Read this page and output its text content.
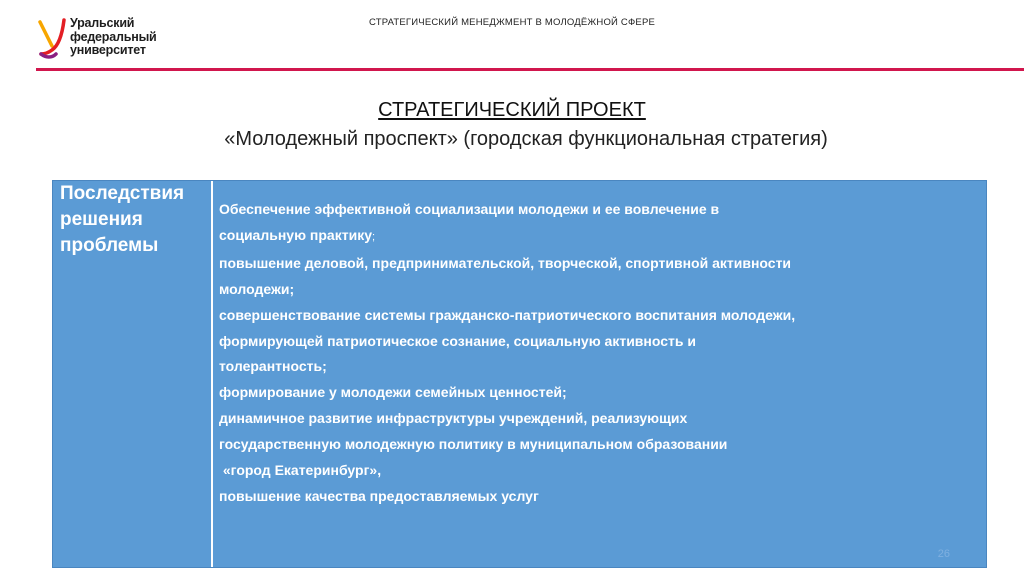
Уральский
федеральный
университет
СТРАТЕГИЧЕСКИЙ МЕНЕДЖМЕНТ В МОЛОДЁЖНОЙ СФЕРЕ
СТРАТЕГИЧЕСКИЙ ПРОЕКТ
«Молодежный проспект» (городская функциональная стратегия)
Последствия
решения
проблемы
Обеспечение эффективной социализации молодежи и ее вовлечение в
социальную практику;
повышение деловой, предпринимательской, творческой, спортивной активности
молодежи;
совершенствование системы гражданско-патриотического воспитания молодежи,
формирующей патриотическое сознание, социальную активность и
толерантность;
формирование у молодежи семейных ценностей;
динамичное развитие инфраструктуры учреждений, реализующих
государственную молодежную политику в муниципальном образовании
«город Екатеринбург»,
повышение качества предоставляемых услуг
26
